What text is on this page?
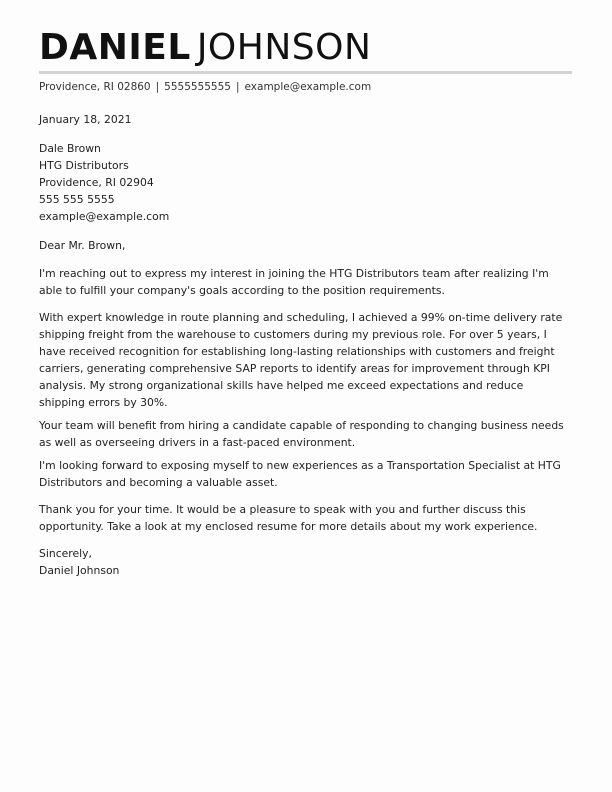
DANIEL JOHNSON
Providence, RI 02860 | 5555555555 | example@example.com

January 18, 2021

Dale Brown
HTG Distributors
Providence, RI 02904
555 555 5555
example@example.com

Dear Mr. Brown,

I'm reaching out to express my interest in joining the HTG Distributors team after realizing I'm able to fulfill your company's goals according to the position requirements.

With expert knowledge in route planning and scheduling, I achieved a 99% on-time delivery rate shipping freight from the warehouse to customers during my previous role. For over 5 years, I have received recognition for establishing long-lasting relationships with customers and freight carriers, generating comprehensive SAP reports to identify areas for improvement through KPI analysis. My strong organizational skills have helped me exceed expectations and reduce shipping errors by 30%.

Your team will benefit from hiring a candidate capable of responding to changing business needs as well as overseeing drivers in a fast-paced environment.

I'm looking forward to exposing myself to new experiences as a Transportation Specialist at HTG Distributors and becoming a valuable asset.

Thank you for your time. It would be a pleasure to speak with you and further discuss this opportunity. Take a look at my enclosed resume for more details about my work experience.

Sincerely,
Daniel Johnson
